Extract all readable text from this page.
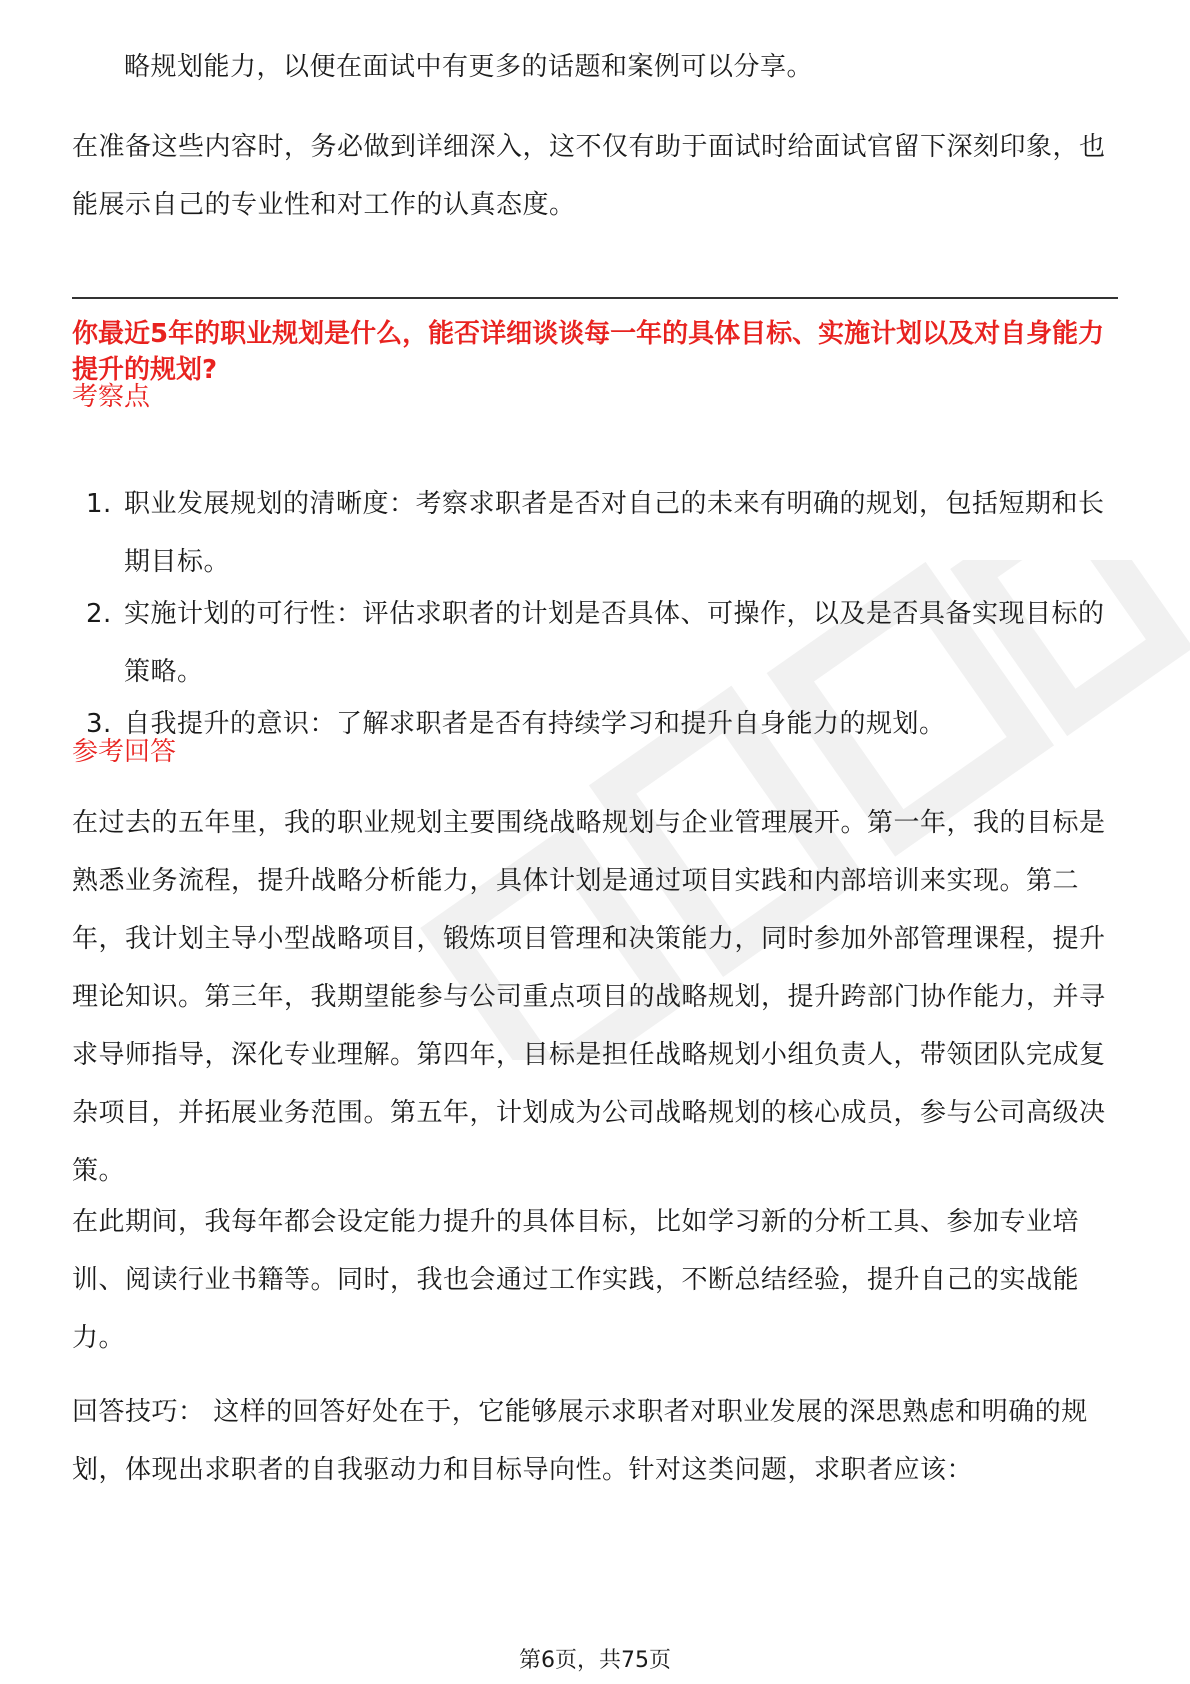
略规划能力，以便在面试中有更多的话题和案例可以分享。

在准备这些内容时，务必做到详细深入，这不仅有助于面试时给面试官留下深刻印象，也能展示自己的专业性和对工作的认真态度。

你最近5年的职业规划是什么，能否详细谈谈每一年的具体目标、实施计划以及对自身能力提升的规划?

考察点

1. 职业发展规划的清晰度：考察求职者是否对自己的未来有明确的规划，包括短期和长期目标。
2. 实施计划的可行性：评估求职者的计划是否具体、可操作，以及是否具备实现目标的策略。
3. 自我提升的意识：了解求职者是否有持续学习和提升自身能力的规划。

参考回答

在过去的五年里，我的职业规划主要围绕战略规划与企业管理展开。第一年，我的目标是熟悉业务流程，提升战略分析能力，具体计划是通过项目实践和内部培训来实现。第二年，我计划主导小型战略项目，锻炼项目管理和决策能力，同时参加外部管理课程，提升理论知识。第三年，我期望能参与公司重点项目的战略规划，提升跨部门协作能力，并寻求导师指导，深化专业理解。第四年，目标是担任战略规划小组负责人，带领团队完成复杂项目，并拓展业务范围。第五年，计划成为公司战略规划的核心成员，参与公司高级决策。

在此期间，我每年都会设定能力提升的具体目标，比如学习新的分析工具、参加专业培训、阅读行业书籍等。同时，我也会通过工作实践，不断总结经验，提升自己的实战能力。

回答技巧： 这样的回答好处在于，它能够展示求职者对职业发展的深思熟虑和明确的规划，体现出求职者的自我驱动力和目标导向性。针对这类问题，求职者应该：

第6页，共75页
